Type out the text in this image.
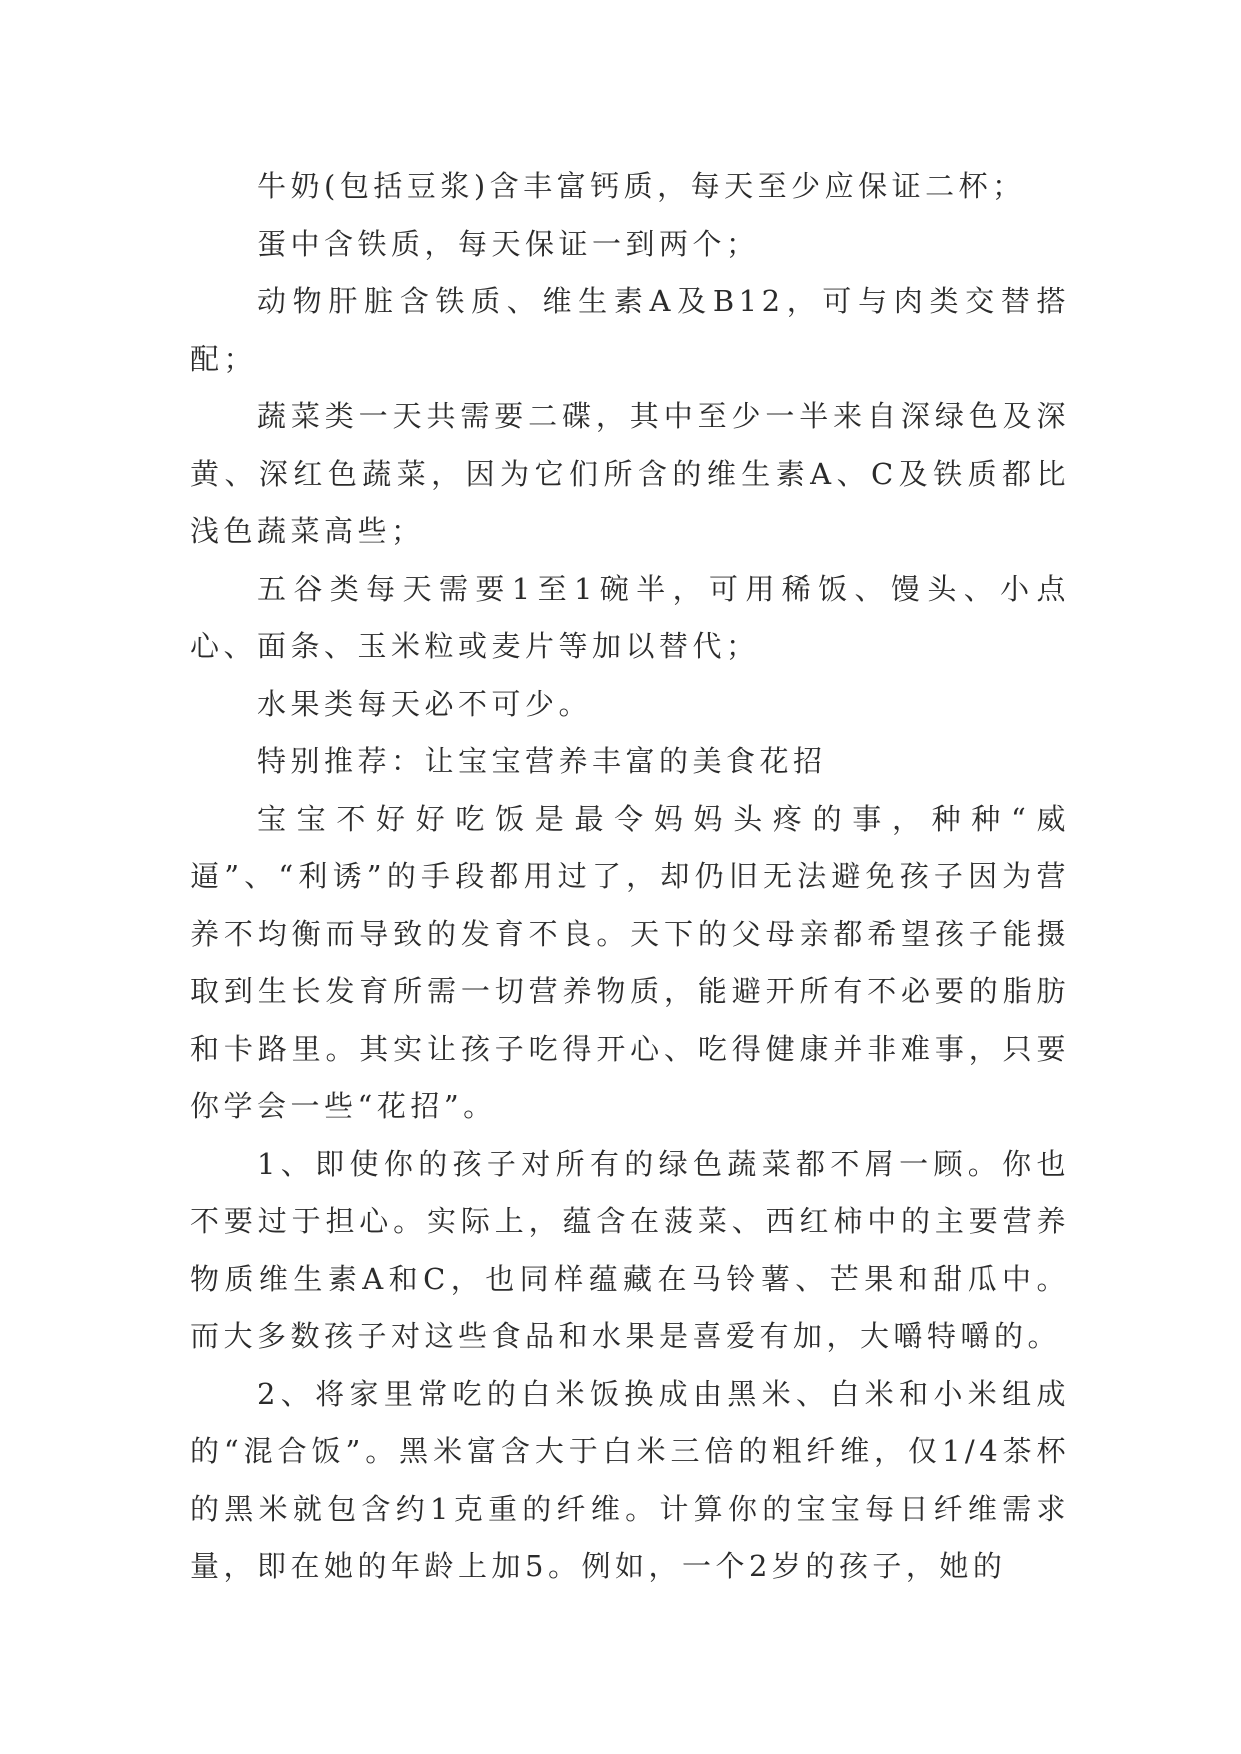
牛奶(包括豆浆)含丰富钙质，每天至少应保证二杯；

蛋中含铁质，每天保证一到两个；

动物肝脏含铁质、维生素A及B12，可与肉类交替搭配；

蔬菜类一天共需要二碟，其中至少一半来自深绿色及深黄、深红色蔬菜，因为它们所含的维生素A、C及铁质都比浅色蔬菜高些；

五谷类每天需要1至1碗半，可用稀饭、馒头、小点心、面条、玉米粒或麦片等加以替代；

水果类每天必不可少。

特别推荐：让宝宝营养丰富的美食花招

宝宝不好好吃饭是最令妈妈头疼的事，种种“威逼”、“利诱”的手段都用过了，却仍旧无法避免孩子因为营养不均衡而导致的发育不良。天下的父母亲都希望孩子能摄取到生长发育所需一切营养物质，能避开所有不必要的脂肪和卡路里。其实让孩子吃得开心、吃得健康并非难事，只要你学会一些“花招”。

1、即使你的孩子对所有的绿色蔬菜都不屑一顾。你也不要过于担心。实际上，蕴含在菠菜、西红柿中的主要营养物质维生素A和C，也同样蕴藏在马铃薯、芒果和甜瓜中。而大多数孩子对这些食品和水果是喜爱有加，大嚼特嚼的。

2、将家里常吃的白米饭换成由黑米、白米和小米组成的“混合饭”。黑米富含大于白米三倍的粗纤维，仅1/4茶杯的黑米就包含约1克重的纤维。计算你的宝宝每日纤维需求量，即在她的年龄上加5。例如，一个2岁的孩子，她的
